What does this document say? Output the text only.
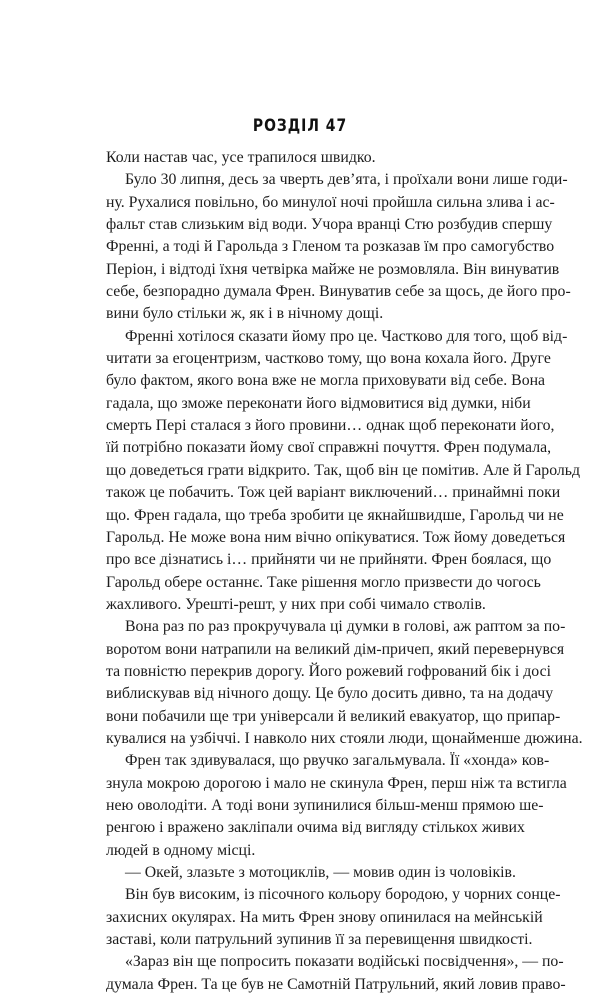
РОЗДІЛ 47
Коли настав час, усе трапилося швидко.
Було 30 липня, десь за чверть дев’ята, і проїхали вони лише годи-
ну. Рухалися повільно, бо минулої ночі пройшла сильна злива і ас-
фальт став слизьким від води. Учора вранці Стю розбудив спершу
Френні, а тоді й Гарольда з Гленом та розказав їм про самогубство
Періон, і відтоді їхня четвірка майже не розмовляла. Він винуватив
себе, безпорадно думала Френ. Винуватив себе за щось, де його про-
вини було стільки ж, як і в нічному дощі.
Френні хотілося сказати йому про це. Частково для того, щоб від-
читати за егоцентризм, частково тому, що вона кохала його. Друге
було фактом, якого вона вже не могла приховувати від себе. Вона
гадала, що зможе переконати його відмовитися від думки, ніби
смерть Пері сталася з його провини… однак щоб переконати його,
їй потрібно показати йому свої справжні почуття. Френ подумала,
що доведеться грати відкрито. Так, щоб він це помітив. Але й Гарольд
також це побачить. Тож цей варіант виключений… принаймні поки
що. Френ гадала, що треба зробити це якнайшвидше, Гарольд чи не
Гарольд. Не може вона ним вічно опікуватися. Тож йому доведеться
про все дізнатись і… прийняти чи не прийняти. Френ боялася, що
Гарольд обере останнє. Таке рішення могло призвести до чогось
жахливого. Урешті-решт, у них при собі чимало стволів.
Вона раз по раз прокручувала ці думки в голові, аж раптом за по-
воротом вони натрапили на великий дім-причеп, який перевернувся
та повністю перекрив дорогу. Його рожевий гофрований бік і досі
виблискував від нічного дощу. Це було досить дивно, та на додачу
вони побачили ще три універсали й великий евакуатор, що припар-
кувалися на узбіччі. І навколо них стояли люди, щонайменше дюжина.
Френ так здивувалася, що рвучко загальмувала. Її «хонда» ков-
знула мокрою дорогою і мало не скинула Френ, перш ніж та встигла
нею оволодіти. А тоді вони зупинилися більш-менш прямою ше-
ренгою і вражено закліпали очима від вигляду стількох живих
людей в одному місці.
— Окей, злазьте з мотоциклів, — мовив один із чоловіків.
Він був високим, із пісочного кольору бородою, у чорних сонце-
захисних окулярах. На мить Френ знову опинилася на мейнській
заставі, коли патрульний зупинив її за перевищення швидкості.
«Зараз він ще попросить показати водійські посвідчення», — по-
думала Френ. Та це був не Самотній Патрульний, який ловив право-
